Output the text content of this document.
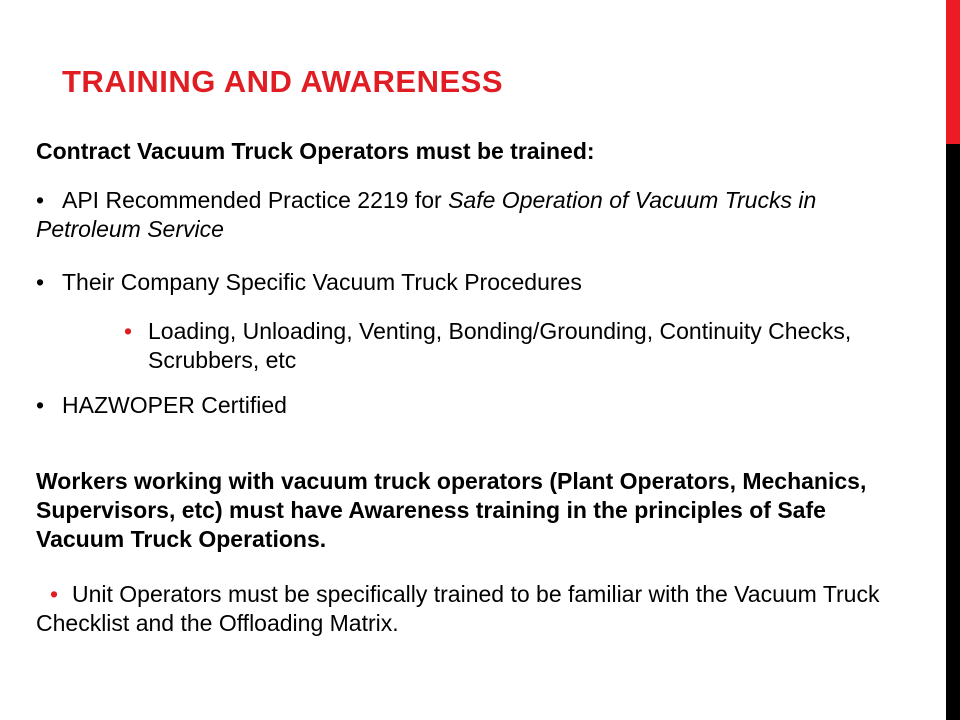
TRAINING AND AWARENESS
Contract Vacuum Truck Operators must be trained:
• API Recommended Practice 2219 for Safe Operation of Vacuum Trucks in Petroleum Service
• Their Company Specific Vacuum Truck Procedures
• Loading, Unloading, Venting, Bonding/Grounding, Continuity Checks, Scrubbers, etc
• HAZWOPER Certified
Workers working with vacuum truck operators (Plant Operators, Mechanics, Supervisors, etc) must have Awareness training in the principles of Safe Vacuum Truck Operations.
• Unit Operators must be specifically trained to be familiar with the Vacuum Truck Checklist and the Offloading Matrix.
